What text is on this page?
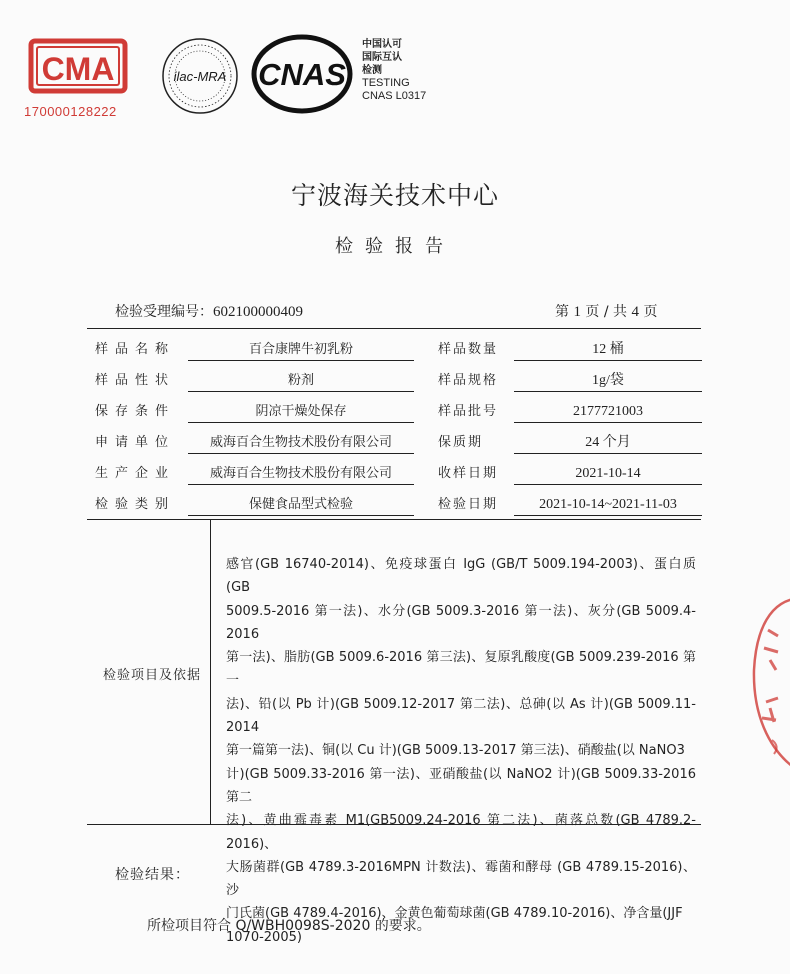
CMA
170000128222
ilac-MRA CNAS
中国认可
国际互认
检测
TESTING
CNAS L0317
宁波海关技术中心
检验报告
检验受理编号：602100000409	第 1 页 / 共 4 页
样品名称	百合康牌牛初乳粉	样品数量	12 桶
样品性状	粉剂	样品规格	1g/袋
保存条件	阴凉干燥处保存	样品批号	2177721003
申请单位	威海百合生物技术股份有限公司	保质期	24 个月
生产企业	威海百合生物技术股份有限公司	收样日期	2021-10-14
检验类别	保健食品型式检验	检验日期	2021-10-14~2021-11-03
检验项目及依据
感官(GB 16740-2014)、免疫球蛋白 IgG (GB/T 5009.194-2003)、蛋白质 (GB
5009.5-2016 第一法)、水分(GB 5009.3-2016 第一法)、灰分(GB 5009.4-2016
第一法)、脂肪(GB 5009.6-2016 第三法)、复原乳酸度(GB 5009.239-2016 第一
法)、铅(以 Pb 计)(GB 5009.12-2017 第二法)、总砷(以 As 计)(GB 5009.11-2014
第一篇第一法)、铜(以 Cu 计)(GB 5009.13-2017 第三法)、硝酸盐(以 NaNO3
计)(GB 5009.33-2016 第一法)、亚硝酸盐(以 NaNO2 计)(GB 5009.33-2016 第二
法)、黄曲霉毒素 M1(GB5009.24-2016 第二法)、菌落总数(GB 4789.2-2016)、
大肠菌群(GB 4789.3-2016MPN 计数法)、霉菌和酵母 (GB 4789.15-2016)、沙
门氏菌(GB 4789.4-2016)、金黄色葡萄球菌(GB 4789.10-2016)、净含量(JJF
1070-2005)
检验结果：
所检项目符合 Q/WBH0098S-2020 的要求。
